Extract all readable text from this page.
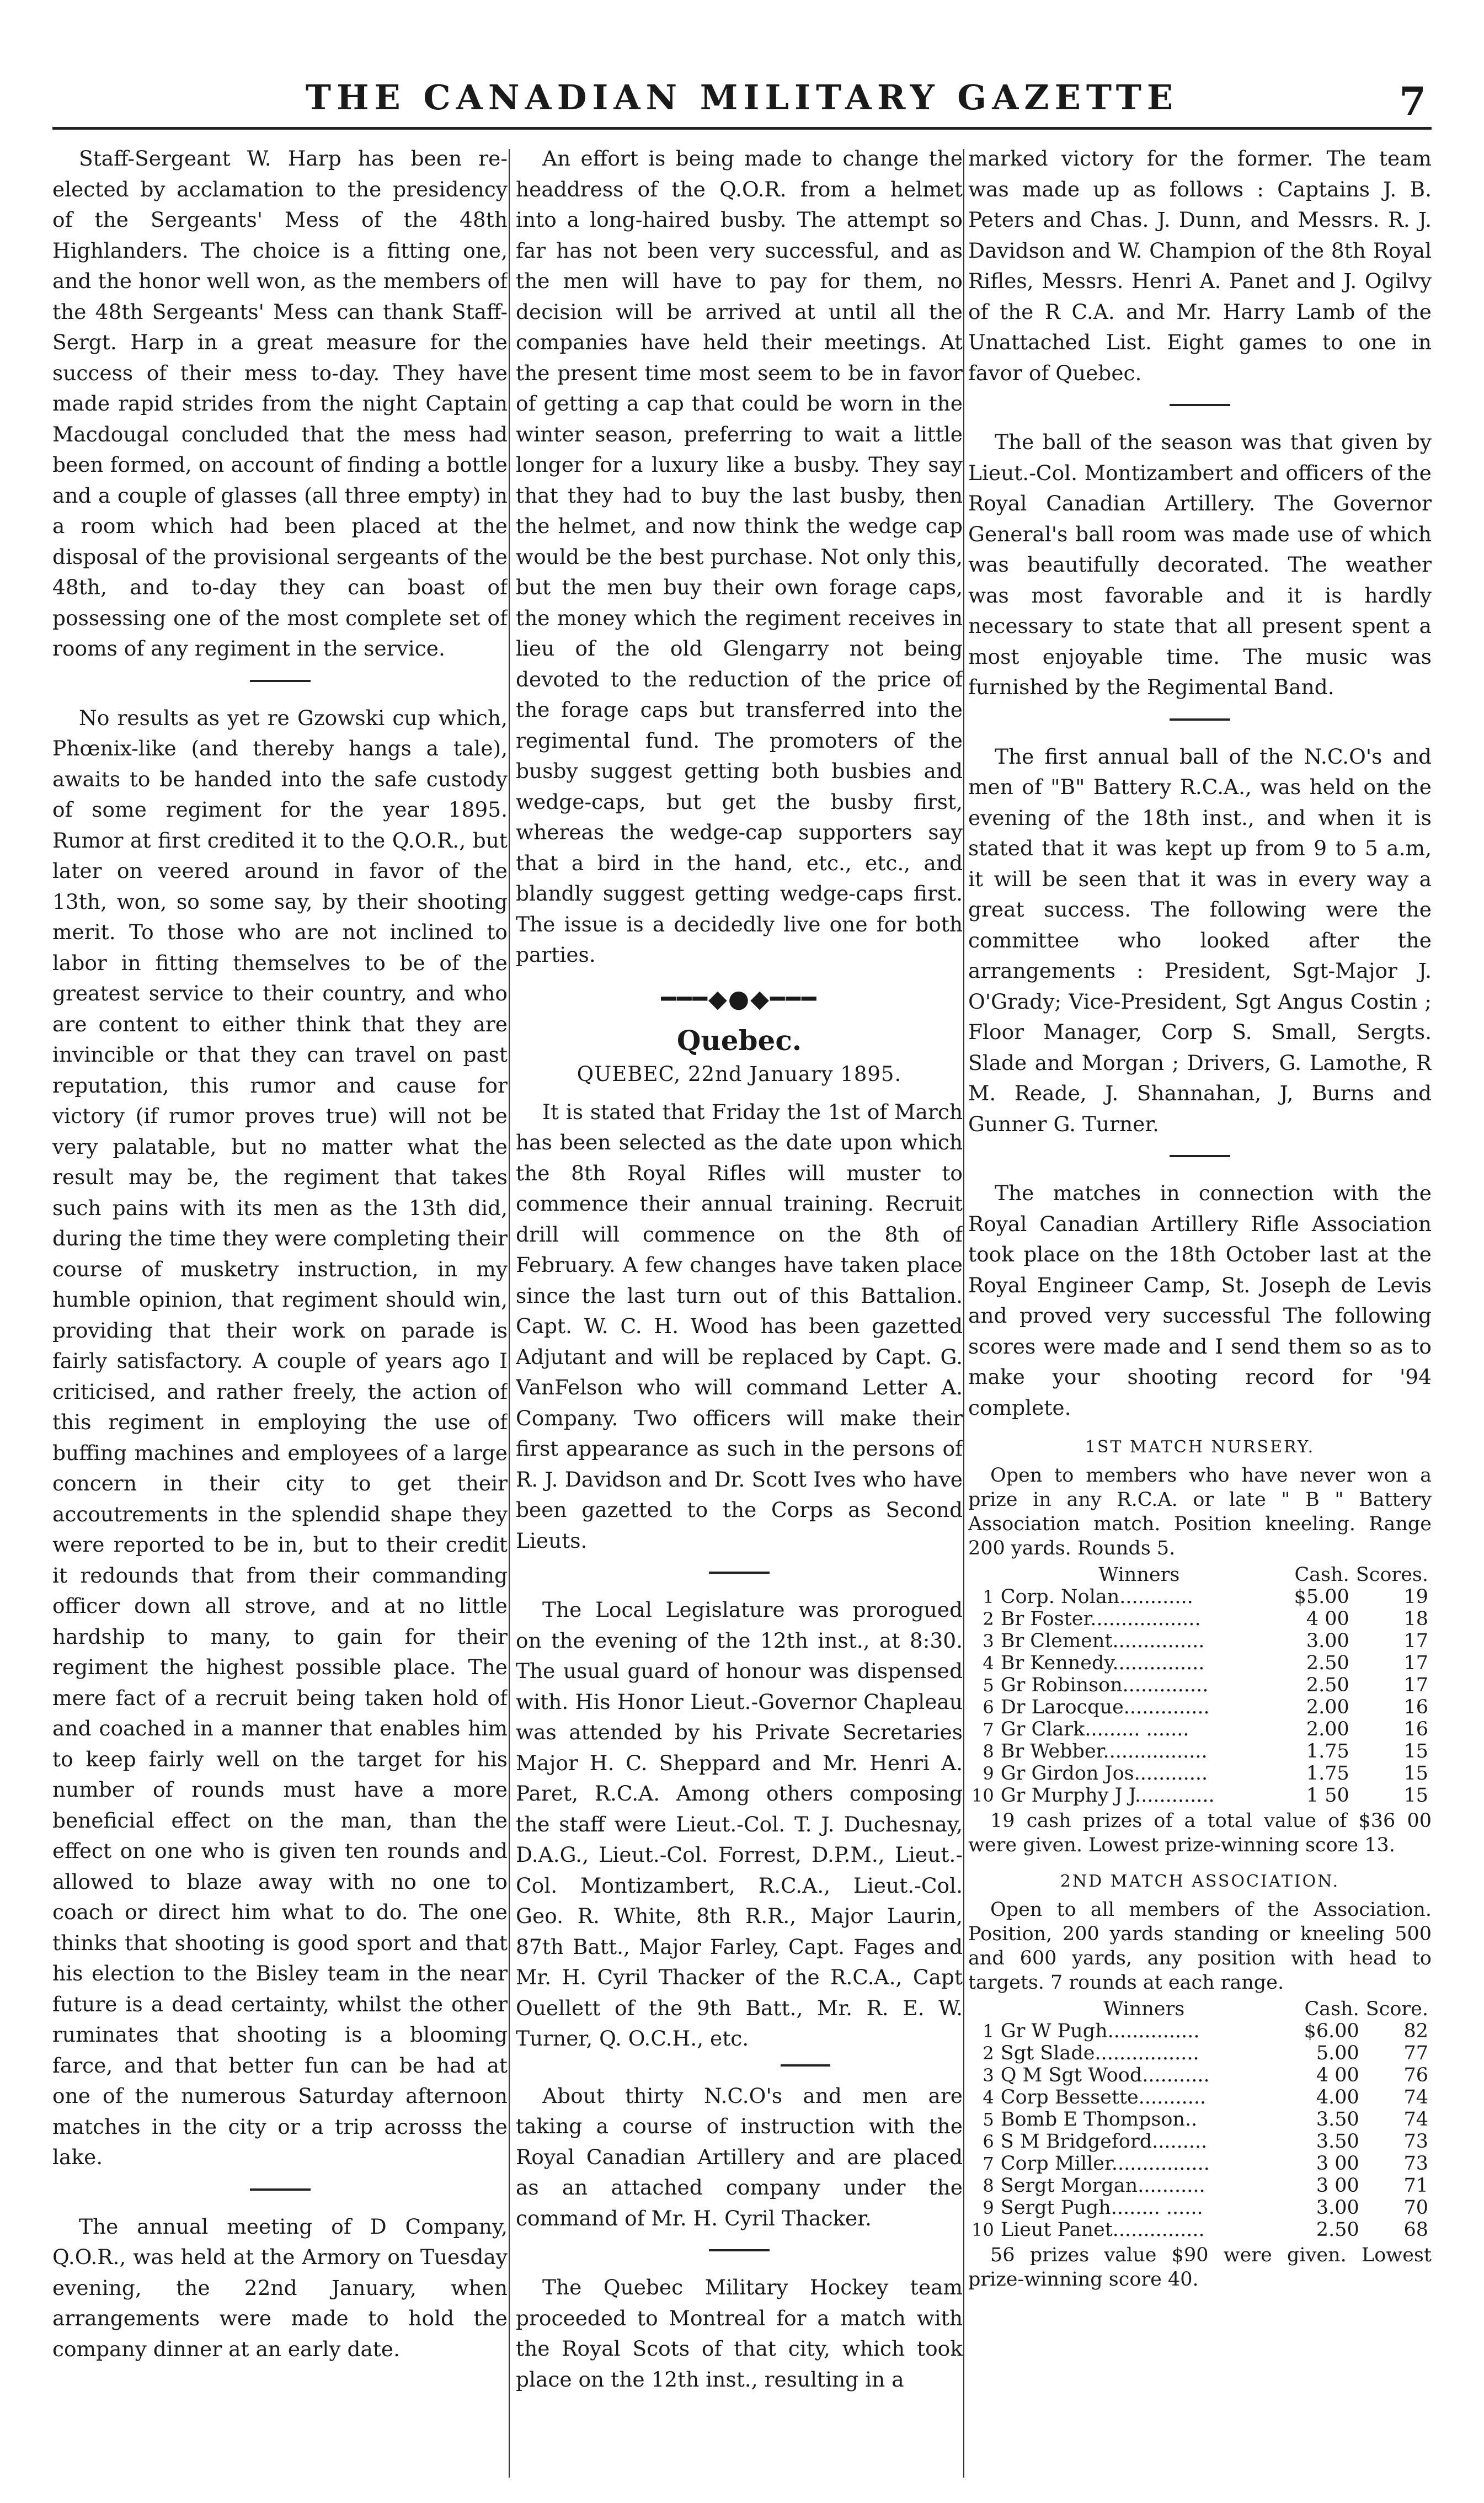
THE CANADIAN MILITARY GAZETTE	7

Staff-Sergeant W. Harp has been re-elected by acclamation to the presidency of the Sergeants' Mess of the 48th Highlanders. The choice is a fitting one, and the honor well won, as the members of the 48th Sergeants' Mess can thank Staff-Sergt. Harp in a great measure for the success of their mess to-day. They have made rapid strides from the night Captain Macdougal concluded that the mess had been formed, on account of finding a bottle and a couple of glasses (all three empty) in a room which had been placed at the disposal of the provisional sergeants of the 48th, and to-day they can boast of possessing one of the most complete set of rooms of any regiment in the service.

No results as yet re Gzowski cup which, Phœnix-like (and thereby hangs a tale), awaits to be handed into the safe custody of some regiment for the year 1895. Rumor at first credited it to the Q.O.R., but later on veered around in favor of the 13th, won, so some say, by their shooting merit. To those who are not inclined to labor in fitting themselves to be of the greatest service to their country, and who are content to either think that they are invincible or that they can travel on past reputation, this rumor and cause for victory (if rumor proves true) will not be very palatable, but no matter what the result may be, the regiment that takes such pains with its men as the 13th did, during the time they were completing their course of musketry instruction, in my humble opinion, that regiment should win, providing that their work on parade is fairly satisfactory. A couple of years ago I criticised, and rather freely, the action of this regiment in employing the use of buffing machines and employees of a large concern in their city to get their accoutrements in the splendid shape they were reported to be in, but to their credit it redounds that from their commanding officer down all strove, and at no little hardship to many, to gain for their regiment the highest possible place. The mere fact of a recruit being taken hold of and coached in a manner that enables him to keep fairly well on the target for his number of rounds must have a more beneficial effect on the man, than the effect on one who is given ten rounds and allowed to blaze away with no one to coach or direct him what to do. The one thinks that shooting is good sport and that his election to the Bisley team in the near future is a dead certainty, whilst the other ruminates that shooting is a blooming farce, and that better fun can be had at one of the numerous Saturday afternoon matches in the city or a trip acrosss the lake.

The annual meeting of D Company, Q.O.R., was held at the Armory on Tuesday evening, the 22nd January, when arrangements were made to hold the company dinner at an early date.

An effort is being made to change the headdress of the Q.O.R. from a helmet into a long-haired busby. The attempt so far has not been very successful, and as the men will have to pay for them, no decision will be arrived at until all the companies have held their meetings. At the present time most seem to be in favor of getting a cap that could be worn in the winter season, preferring to wait a little longer for a luxury like a busby. They say that they had to buy the last busby, then the helmet, and now think the wedge cap would be the best purchase. Not only this, but the men buy their own forage caps, the money which the regiment receives in lieu of the old Glengarry not being devoted to the reduction of the price of the forage caps but transferred into the regimental fund. The promoters of the busby suggest getting both busbies and wedge-caps, but get the busby first, whereas the wedge-cap supporters say that a bird in the hand, etc., etc., and blandly suggest getting wedge-caps first. The issue is a decidedly live one for both parties.

━━━◆●◆━━━
Quebec.
QUEBEC, 22nd January 1895.

It is stated that Friday the 1st of March has been selected as the date upon which the 8th Royal Rifles will muster to commence their annual training. Recruit drill will commence on the 8th of February. A few changes have taken place since the last turn out of this Battalion. Capt. W. C. H. Wood has been gazetted Adjutant and will be replaced by Capt. G. VanFelson who will command Letter A. Company. Two officers will make their first appearance as such in the persons of R. J. Davidson and Dr. Scott Ives who have been gazetted to the Corps as Second Lieuts.

The Local Legislature was prorogued on the evening of the 12th inst., at 8:30. The usual guard of honour was dispensed with. His Honor Lieut.-Governor Chapleau was attended by his Private Secretaries Major H. C. Sheppard and Mr. Henri A. Paret, R.C.A. Among others composing the staff were Lieut.-Col. T. J. Duchesnay, D.A.G., Lieut.-Col. Forrest, D.P.M., Lieut.-Col. Montizambert, R.C.A., Lieut.-Col. Geo. R. White, 8th R.R., Major Laurin, 87th Batt., Major Farley, Capt. Fages and Mr. H. Cyril Thacker of the R.C.A., Capt Ouellett of the 9th Batt., Mr. R. E. W. Turner, Q. O.C.H., etc.

About thirty N.C.O's and men are taking a course of instruction with the Royal Canadian Artillery and are placed as an attached company under the command of Mr. H. Cyril Thacker.

The Quebec Military Hockey team proceeded to Montreal for a match with the Royal Scots of that city, which took place on the 12th inst., resulting in a

marked victory for the former. The team was made up as follows : Captains J. B. Peters and Chas. J. Dunn, and Messrs. R. J. Davidson and W. Champion of the 8th Royal Rifles, Messrs. Henri A. Panet and J. Ogilvy of the R C.A. and Mr. Harry Lamb of the Unattached List. Eight games to one in favor of Quebec.

The ball of the season was that given by Lieut.-Col. Montizambert and officers of the Royal Canadian Artillery. The Governor General's ball room was made use of which was beautifully decorated. The weather was most favorable and it is hardly necessary to state that all present spent a most enjoyable time. The music was furnished by the Regimental Band.

The first annual ball of the N.C.O's and men of "B" Battery R.C.A., was held on the evening of the 18th inst., and when it is stated that it was kept up from 9 to 5 a.m, it will be seen that it was in every way a great success. The following were the committee who looked after the arrangements : President, Sgt-Major J. O'Grady; Vice-President, Sgt Angus Costin ; Floor Manager, Corp S. Small, Sergts. Slade and Morgan ; Drivers, G. Lamothe, R M. Reade, J. Shannahan, J, Burns and Gunner G. Turner.

The matches in connection with the Royal Canadian Artillery Rifle Association took place on the 18th October last at the Royal Engineer Camp, St. Joseph de Levis and proved very successful The following scores were made and I send them so as to make your shooting record for '94 complete.

1ST MATCH NURSERY.

Open to members who have never won a prize in any R.C.A. or late " B " Battery Association match. Position kneeling. Range 200 yards. Rounds 5.

	Winners	Cash.	Scores.
1	Corp. Nolan............	$5.00	19
2	Br Foster..................	4 00	18
3	Br Clement...............	3.00	17
4	Br Kennedy...............	2.50	17
5	Gr Robinson..............	2.50	17
6	Dr Larocque..............	2.00	16
7	Gr Clark......... .......	2.00	16
8	Br Webber.................	1.75	15
9	Gr Girdon Jos............	1.75	15
10	Gr Murphy J J.............	1 50	15

19 cash prizes of a total value of $36 00 were given. Lowest prize-winning score 13.

2ND MATCH ASSOCIATION.

Open to all members of the Association. Position, 200 yards standing or kneeling 500 and 600 yards, any position with head to targets. 7 rounds at each range.

	Winners	Cash.	Score.
1	Gr W Pugh...............	$6.00	82
2	Sgt Slade.................	5.00	77
3	Q M Sgt Wood...........	4 00	76
4	Corp Bessette...........	4.00	74
5	Bomb E Thompson..	3.50	74
6	S M Bridgeford.........	3.50	73
7	Corp Miller................	3 00	73
8	Sergt Morgan...........	3 00	71
9	Sergt Pugh........ ......	3.00	70
10	Lieut Panet...............	2.50	68

56 prizes value $90 were given. Lowest prize-winning score 40.
